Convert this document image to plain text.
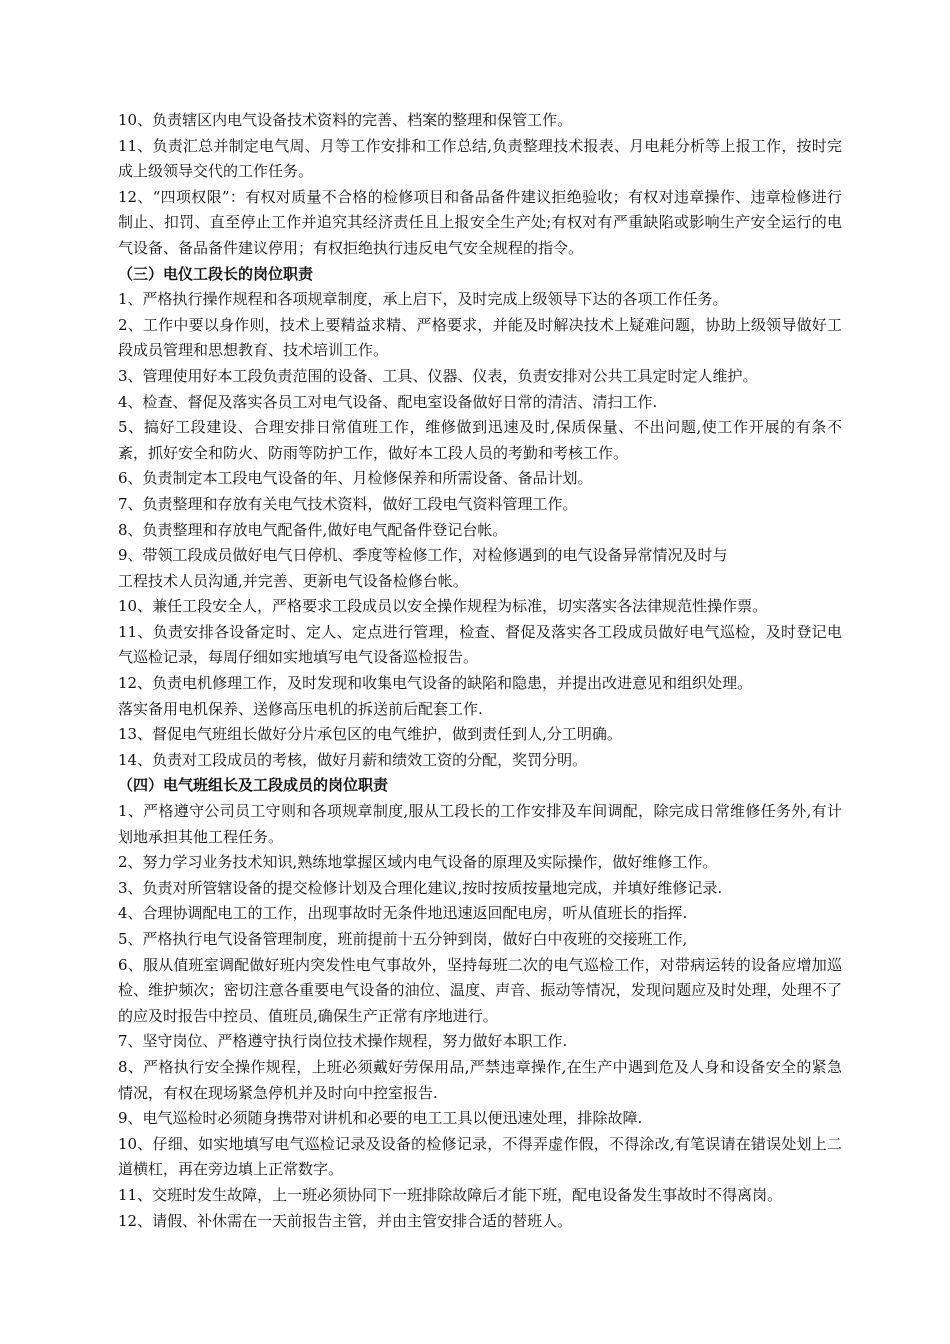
10、负责辖区内电气设备技术资料的完善、档案的整理和保管工作。

11、负责汇总并制定电气周、月等工作安排和工作总结,负责整理技术报表、月电耗分析等上报工作，按时完成上级领导交代的工作任务。

12、“四项权限”：有权对质量不合格的检修项目和备品备件建议拒绝验收；有权对违章操作、违章检修进行制止、扣罚、直至停止工作并追究其经济责任且上报安全生产处;有权对有严重缺陷或影响生产安全运行的电气设备、备品备件建议停用；有权拒绝执行违反电气安全规程的指令。

（三）电仪工段长的岗位职责

1、严格执行操作规程和各项规章制度，承上启下，及时完成上级领导下达的各项工作任务。

2、工作中要以身作则，技术上要精益求精、严格要求，并能及时解决技术上疑难问题，协助上级领导做好工段成员管理和思想教育、技术培训工作。

3、管理使用好本工段负责范围的设备、工具、仪器、仪表，负责安排对公共工具定时定人维护。

4、检查、督促及落实各员工对电气设备、配电室设备做好日常的清洁、清扫工作.

5、搞好工段建设、合理安排日常值班工作，维修做到迅速及时,保质保量、不出问题,使工作开展的有条不紊，抓好安全和防火、防雨等防护工作，做好本工段人员的考勤和考核工作。

6、负责制定本工段电气设备的年、月检修保养和所需设备、备品计划。

7、负责整理和存放有关电气技术资料，做好工段电气资料管理工作。

8、负责整理和存放电气配备件,做好电气配备件登记台帐。

9、带领工段成员做好电气日停机、季度等检修工作，对检修遇到的电气设备异常情况及时与
工程技术人员沟通,并完善、更新电气设备检修台帐。

10、兼任工段安全人，严格要求工段成员以安全操作规程为标准，切实落实各法律规范性操作票。

11、负责安排各设备定时、定人、定点进行管理，检查、督促及落实各工段成员做好电气巡检，及时登记电气巡检记录，每周仔细如实地填写电气设备巡检报告。

12、负责电机修理工作，及时发现和收集电气设备的缺陷和隐患，并提出改进意见和组织处理。
落实备用电机保养、送修高压电机的拆送前后配套工作.

13、督促电气班组长做好分片承包区的电气维护，做到责任到人,分工明确。

14、负责对工段成员的考核，做好月薪和绩效工资的分配，奖罚分明。

（四）电气班组长及工段成员的岗位职责

1、严格遵守公司员工守则和各项规章制度,服从工段长的工作安排及车间调配，除完成日常维修任务外,有计划地承担其他工程任务。

2、努力学习业务技术知识,熟练地掌握区域内电气设备的原理及实际操作，做好维修工作。

3、负责对所管辖设备的提交检修计划及合理化建议,按时按质按量地完成，并填好维修记录.

4、合理协调配电工的工作，出现事故时无条件地迅速返回配电房，听从值班长的指挥.

5、严格执行电气设备管理制度，班前提前十五分钟到岗，做好白中夜班的交接班工作,

6、服从值班室调配做好班内突发性电气事故外，坚持每班二次的电气巡检工作，对带病运转的设备应增加巡检、维护频次；密切注意各重要电气设备的油位、温度、声音、振动等情况，发现问题应及时处理，处理不了的应及时报告中控员、值班员,确保生产正常有序地进行。

7、坚守岗位、严格遵守执行岗位技术操作规程，努力做好本职工作.

8、严格执行安全操作规程，上班必须戴好劳保用品,严禁违章操作,在生产中遇到危及人身和设备安全的紧急情况，有权在现场紧急停机并及时向中控室报告.

9、电气巡检时必须随身携带对讲机和必要的电工工具以便迅速处理，排除故障.

10、仔细、如实地填写电气巡检记录及设备的检修记录，不得弄虚作假，不得涂改,有笔误请在错误处划上二道横杠，再在旁边填上正常数字。

11、交班时发生故障，上一班必须协同下一班排除故障后才能下班，配电设备发生事故时不得离岗。

12、请假、补休需在一天前报告主管，并由主管安排合适的替班人。
